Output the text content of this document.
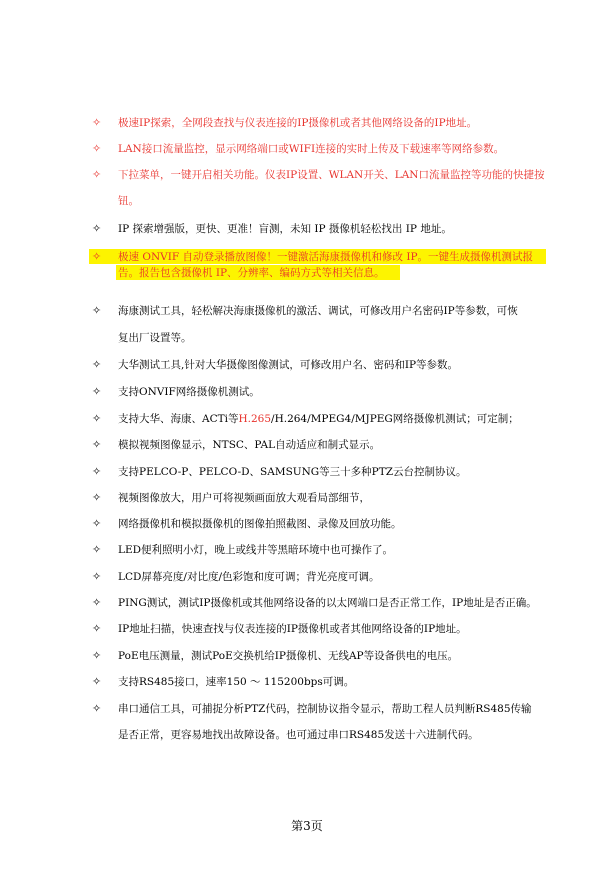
✧ 极速IP探索，全网段查找与仪表连接的IP摄像机或者其他网络设备的IP地址。
✧ LAN接口流量监控，显示网络端口或WIFI连接的实时上传及下载速率等网络参数。
✧ 下拉菜单，一键开启相关功能。仪表IP设置、WLAN开关、LAN口流量监控等功能的快捷按
钮。
✧ IP 探索增强版，更快、更准！盲测，未知 IP 摄像机轻松找出 IP 地址。
✧ 极速 ONVIF 自动登录播放图像！一键激活海康摄像机和修改 IP。一键生成摄像机测试报
告。报告包含摄像机 IP、分辨率、编码方式等相关信息。
✧ 海康测试工具，轻松解决海康摄像机的激活、调试，可修改用户名密码IP等参数，可恢
复出厂设置等。
✧ 大华测试工具,针对大华摄像图像测试，可修改用户名、密码和IP等参数。
✧ 支持ONVIF网络摄像机测试。
✧ 支持大华、海康、ACTi等H.265/H.264/MPEG4/MJPEG网络摄像机测试；可定制；
✧ 模拟视频图像显示，NTSC、PAL自动适应和制式显示。
✧ 支持PELCO-P、PELCO-D、SAMSUNG等三十多种PTZ云台控制协议。
✧ 视频图像放大，用户可将视频画面放大观看局部细节，
✧ 网络摄像机和模拟摄像机的图像拍照截图、录像及回放功能。
✧ LED便利照明小灯，晚上或线井等黑暗环境中也可操作了。
✧ LCD屏幕亮度/对比度/色彩饱和度可调；背光亮度可调。
✧ PING测试，测试IP摄像机或其他网络设备的以太网端口是否正常工作，IP地址是否正确。
✧ IP地址扫描，快速查找与仪表连接的IP摄像机或者其他网络设备的IP地址。
✧ PoE电压测量，测试PoE交换机给IP摄像机、无线AP等设备供电的电压。
✧ 支持RS485接口，速率150 ～ 115200bps可调。
✧ 串口通信工具，可捕捉分析PTZ代码，控制协议指令显示，帮助工程人员判断RS485传输
是否正常，更容易地找出故障设备。也可通过串口RS485发送十六进制代码。
第3页
